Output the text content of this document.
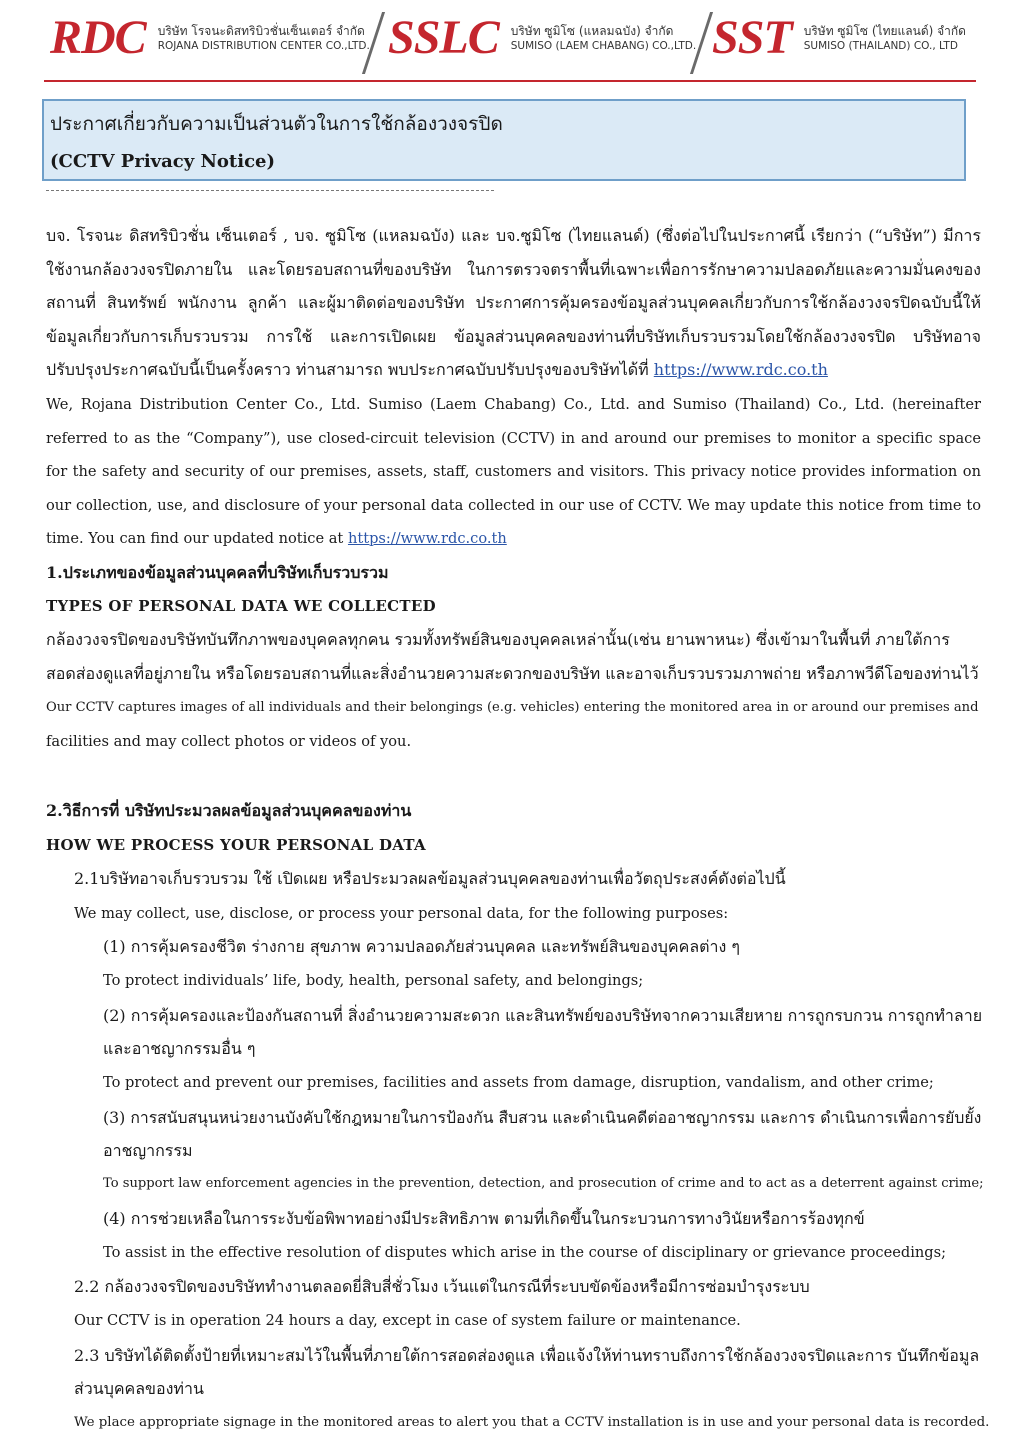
RDC บริษัท โรจนะดิสทริบิวชั่นเซ็นเตอร์ จำกัด
ROJANA DISTRIBUTION CENTER CO.,LTD. SSLC บริษัท ซูมิโซ (แหลมฉบัง) จำกัด
SUMISO (LAEM CHABANG) CO.,LTD. SST บริษัท ซูมิโซ (ไทยแลนด์) จำกัด
SUMISO (THAILAND) CO., LTD
ประกาศเกี่ยวกับความเป็นส่วนตัวในการใช้กล้องวงจรปิด
(CCTV Privacy Notice)

บจ. โรจนะ ดิสทริบิวชั่น เซ็นเตอร์ , บจ. ซูมิโซ (แหลมฉบัง) และ บจ.ซูมิโซ (ไทยแลนด์) (ซึ่งต่อไปในประกาศนี้ เรียกว่า (“บริษัท”) มีการใช้งานกล้องวงจรปิดภายใน และโดยรอบสถานที่ของบริษัท ในการตรวจตราพื้นที่เฉพาะเพื่อการรักษาความปลอดภัยและความมั่นคงของสถานที่ สินทรัพย์ พนักงาน ลูกค้า และผู้มาติดต่อของบริษัท ประกาศการคุ้มครองข้อมูลส่วนบุคคลเกี่ยวกับการใช้กล้องวงจรปิดฉบับนี้ให้ข้อมูลเกี่ยวกับการเก็บรวบรวม การใช้ และการเปิดเผย ข้อมูลส่วนบุคคลของท่านที่บริษัทเก็บรวบรวมโดยใช้กล้องวงจรปิด บริษัทอาจปรับปรุงประกาศฉบับนี้เป็นครั้งคราว ท่านสามารถ พบประกาศฉบับปรับปรุงของบริษัทได้ที่ https://www.rdc.co.th

We, Rojana Distribution Center Co., Ltd. Sumiso (Laem Chabang) Co., Ltd. and Sumiso (Thailand) Co., Ltd. (hereinafter referred to as the “Company”), use closed-circuit television (CCTV) in and around our premises to monitor a specific space for the safety and security of our premises, assets, staff, customers and visitors. This privacy notice provides information on our collection, use, and disclosure of your personal data collected in our use of CCTV. We may update this notice from time to time. You can find our updated notice at https://www.rdc.co.th

1.ประเภทของข้อมูลส่วนบุคคลที่บริษัทเก็บรวบรวม
TYPES OF PERSONAL DATA WE COLLECTED
กล้องวงจรปิดของบริษัทบันทึกภาพของบุคคลทุกคน รวมทั้งทรัพย์สินของบุคคลเหล่านั้น(เช่น ยานพาหนะ) ซึ่งเข้ามาในพื้นที่ ภายใต้การ
สอดส่องดูแลที่อยู่ภายใน หรือโดยรอบสถานที่และสิ่งอำนวยความสะดวกของบริษัท และอาจเก็บรวบรวมภาพถ่าย หรือภาพวีดีโอของท่านไว้
Our CCTV captures images of all individuals and their belongings (e.g. vehicles) entering the monitored area in or around our premises and
facilities and may collect photos or videos of you.
2.วิธีการที่ บริษัทประมวลผลข้อมูลส่วนบุคคลของท่าน
HOW WE PROCESS YOUR PERSONAL DATA
2.1บริษัทอาจเก็บรวบรวม ใช้ เปิดเผย หรือประมวลผลข้อมูลส่วนบุคคลของท่านเพื่อวัตถุประสงค์ดังต่อไปนี้
We may collect, use, disclose, or process your personal data, for the following purposes:
(1) การคุ้มครองชีวิต ร่างกาย สุขภาพ ความปลอดภัยส่วนบุคคล และทรัพย์สินของบุคคลต่าง ๆ
To protect individuals’ life, body, health, personal safety, and belongings;
(2) การคุ้มครองและป้องกันสถานที่ สิ่งอำนวยความสะดวก และสินทรัพย์ของบริษัทจากความเสียหาย การถูกรบกวน การถูกทำลาย
และอาชญากรรมอื่น ๆ
To protect and prevent our premises, facilities and assets from damage, disruption, vandalism, and other crime;
(3) การสนับสนุนหน่วยงานบังคับใช้กฎหมายในการป้องกัน สืบสวน และดำเนินคดีต่ออาชญากรรม และการ ดำเนินการเพื่อการยับยั้ง
อาชญากรรม
To support law enforcement agencies in the prevention, detection, and prosecution of crime and to act as a deterrent against crime;
(4) การช่วยเหลือในการระงับข้อพิพาทอย่างมีประสิทธิภาพ ตามที่เกิดขึ้นในกระบวนการทางวินัยหรือการร้องทุกข์
To assist in the effective resolution of disputes which arise in the course of disciplinary or grievance proceedings;
2.2 กล้องวงจรปิดของบริษัททำงานตลอดยี่สิบสี่ชั่วโมง เว้นแต่ในกรณีที่ระบบขัดข้องหรือมีการซ่อมบำรุงระบบ
Our CCTV is in operation 24 hours a day, except in case of system failure or maintenance.
2.3 บริษัทได้ติดตั้งป้ายที่เหมาะสมไว้ในพื้นที่ภายใต้การสอดส่องดูแล เพื่อแจ้งให้ท่านทราบถึงการใช้กล้องวงจรปิดและการ บันทึกข้อมูล
ส่วนบุคคลของท่าน
We place appropriate signage in the monitored areas to alert you that a CCTV installation is in use and your personal data is recorded.
